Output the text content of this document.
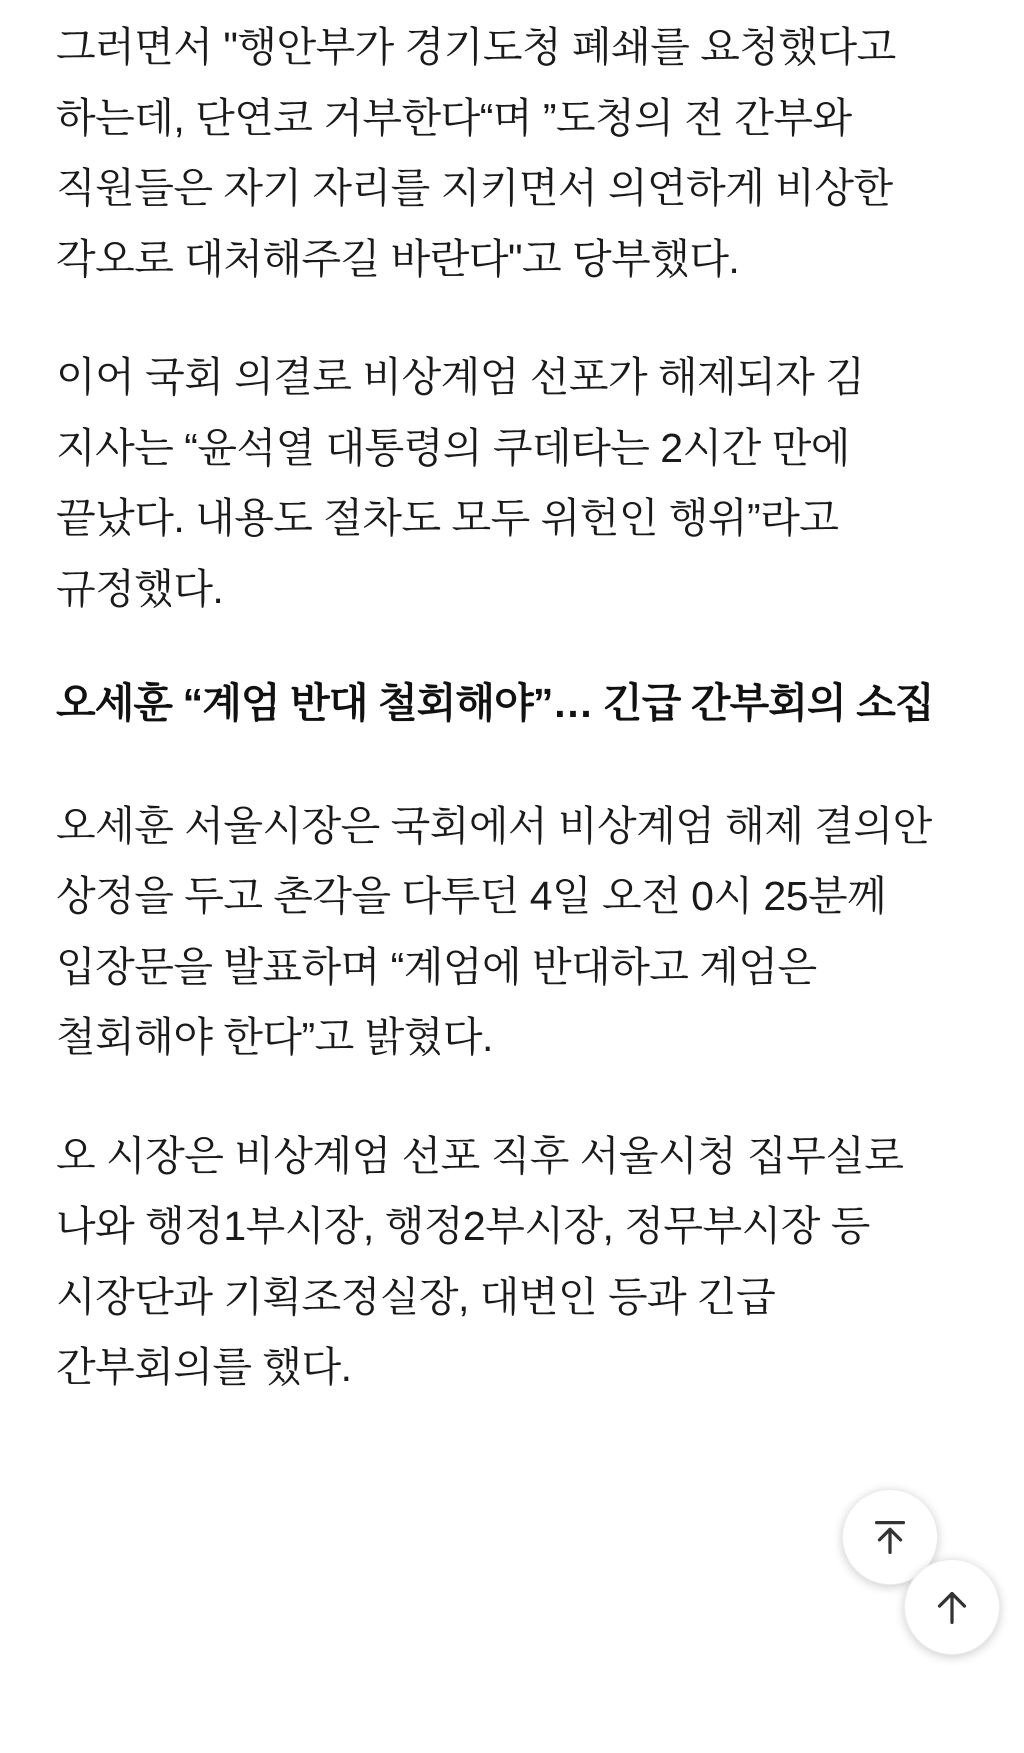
그러면서 "행안부가 경기도청 폐쇄를 요청했다고 하는데, 단연코 거부한다“며 ”도청의 전 간부와 직원들은 자기 자리를 지키면서 의연하게 비상한 각오로 대처해주길 바란다"고 당부했다.

이어 국회 의결로 비상계엄 선포가 해제되자 김 지사는 “윤석열 대통령의 쿠데타는 2시간 만에 끝났다. 내용도 절차도 모두 위헌인 행위”라고 규정했다.

오세훈 “계엄 반대 철회해야”… 긴급 간부회의 소집

오세훈 서울시장은 국회에서 비상계엄 해제 결의안 상정을 두고 촌각을 다투던 4일 오전 0시 25분께 입장문을 발표하며 “계엄에 반대하고 계엄은 철회해야 한다”고 밝혔다.

오 시장은 비상계엄 선포 직후 서울시청 집무실로 나와 행정1부시장, 행정2부시장, 정무부시장 등 시장단과 기획조정실장, 대변인 등과 긴급 간부회의를 했다.
